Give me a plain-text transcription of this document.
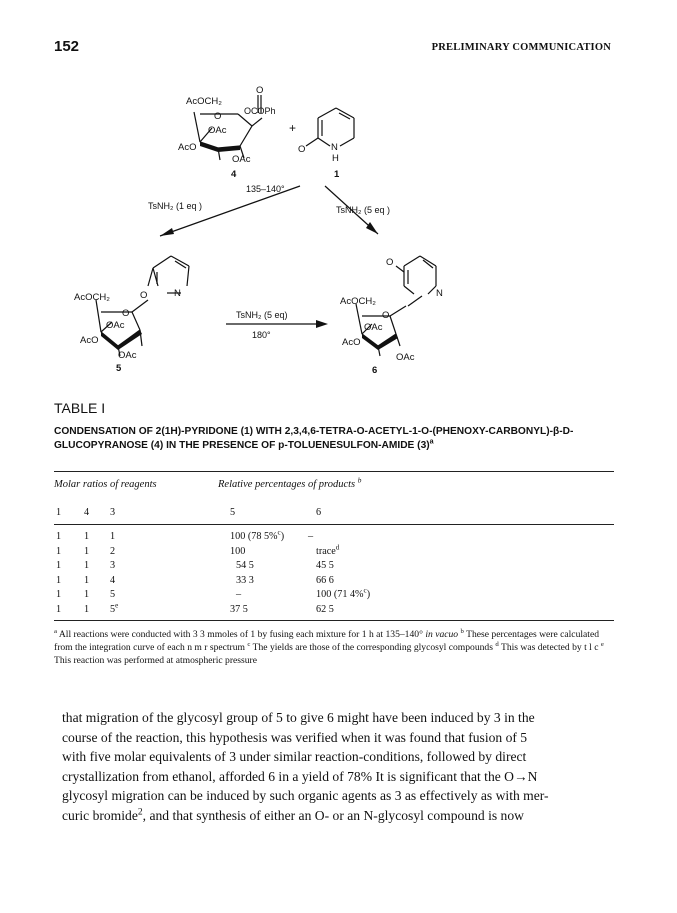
152	PRELIMINARY COMMUNICATION
AcOCH₂
O
O
OCOPh
OAc
AcO
OAc
4
+
O	N
H
1
135–140°
TsNH₂ (1 eq )	TsNH₂ (5 eq )
AcOCH₂	O	N
O
OAc
AcO
OAc
5
TsNH₂ (5 eq)
180°
AcOCH₂
O
N
O
OAc
AcO
OAc
6
TABLE I
CONDENSATION OF 2(1H)-PYRIDONE (1) WITH 2,3,4,6-TETRA-O-ACETYL-1-O-(PHENOXY-CARBONYL)-β-D-GLUCOPYRANOSE (4) IN THE PRESENCE OF p-TOLUENESULFON-AMIDE $(3)^a$
Molar ratios of reagents	Relative percentages of products $^b$
1 4 3	5	6
1 1 1	100 (78 5%$^c$) –
1 1 2	100	trace$^d$
1 1 3	54 5	45 5
1 1 4	33 3	66 6
1 1 5	–	100 (71 4%$^c$)
1 1 5e	37 5	62 5
$^a$ All reactions were conducted with 3 3 mmoles of 1 by fusing each mixture for 1 h at 135–140° in vacuo $^b$ These percentages were calculated from the integration curve of each n m r spectrum $^c$ The yields are those of the corresponding glycosyl compounds $^d$ This was detected by t l c $^e$ This reaction was performed at atmospheric pressure
that migration of the glycosyl group of 5 to give 6 might have been induced by 3 in the
course of the reaction, this hypothesis was verified when it was found that fusion of 5
with five molar equivalents of 3 under similar reaction-conditions, followed by direct
crystallization from ethanol, afforded 6 in a yield of 78% It is significant that the O→N
glycosyl migration can be induced by such organic agents as 3 as effectively as with mer-
curic bromide$^2$, and that synthesis of either an O- or an N-glycosyl compound is now
